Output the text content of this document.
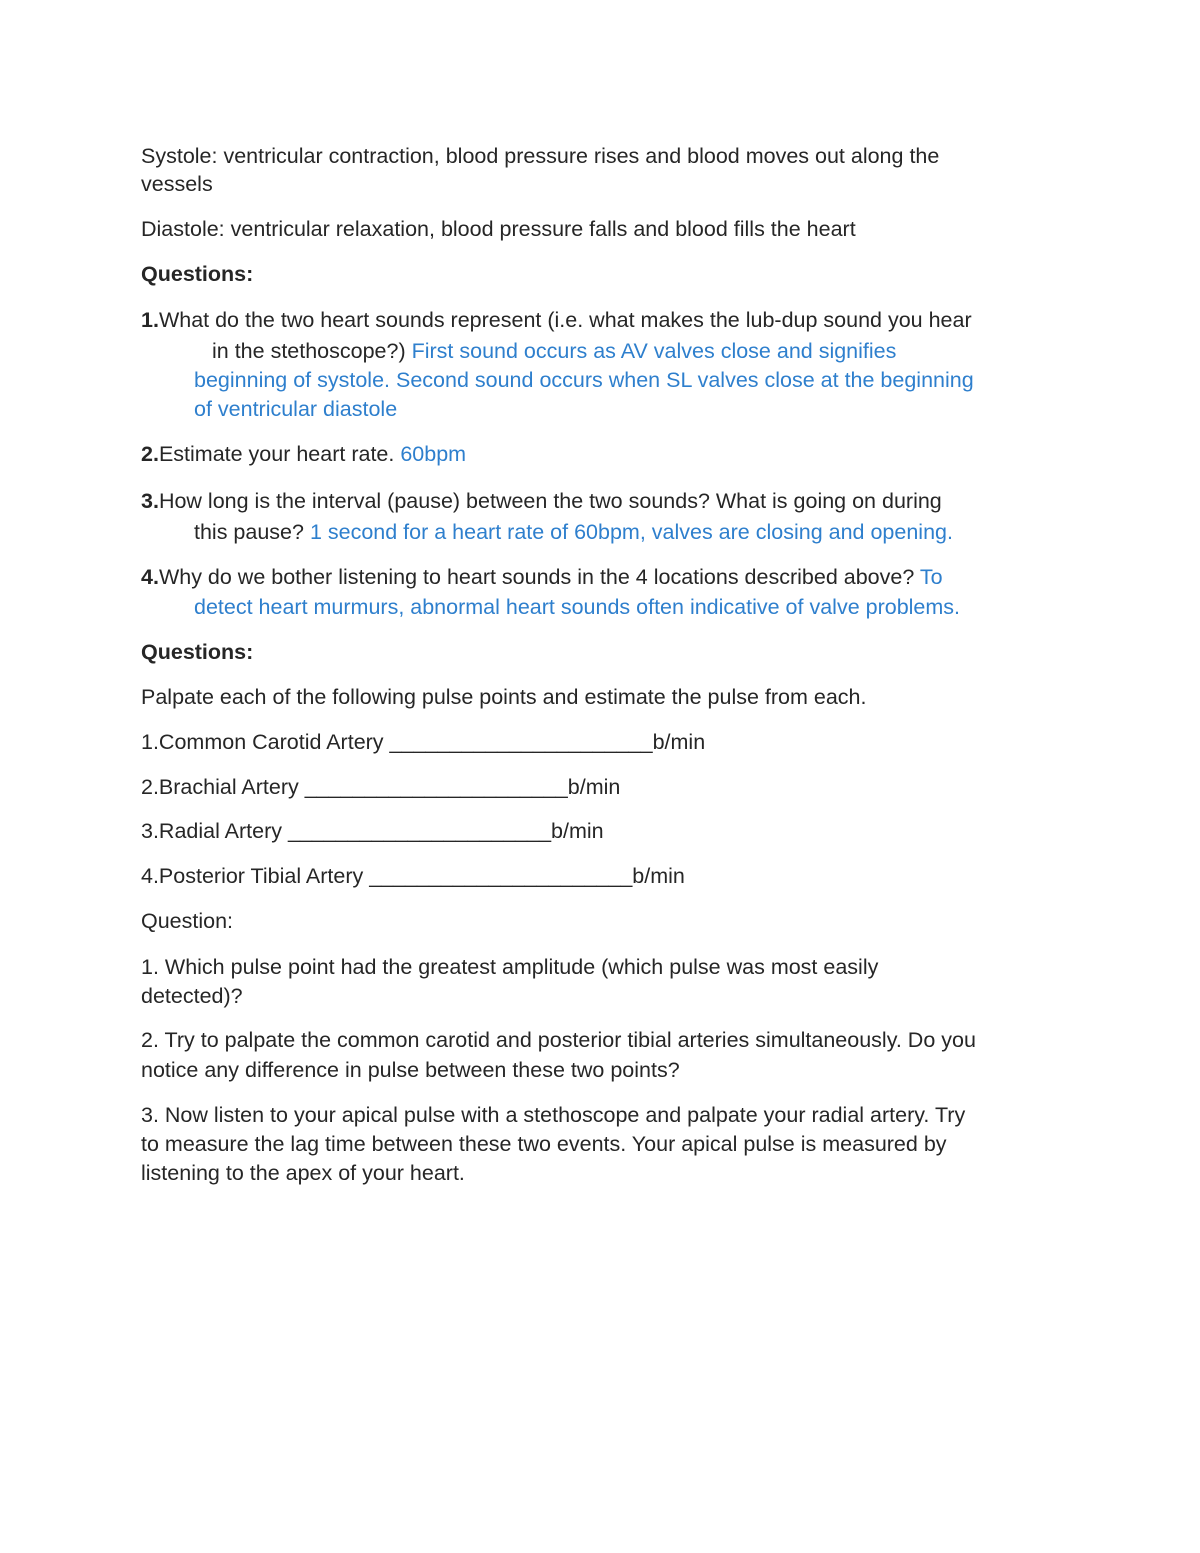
Systole: ventricular contraction, blood pressure rises and blood moves out along the
vessels
Diastole: ventricular relaxation, blood pressure falls and blood fills the heart
Questions:
1.What do the two heart sounds represent (i.e. what makes the lub-dup sound you hear
in the stethoscope?) First sound occurs as AV valves close and signifies
beginning of systole. Second sound occurs when SL valves close at the beginning
of ventricular diastole
2.Estimate your heart rate. 60bpm
3.How long is the interval (pause) between the two sounds? What is going on during
this pause? 1 second for a heart rate of 60bpm, valves are closing and opening.
4.Why do we bother listening to heart sounds in the 4 locations described above? To
detect heart murmurs, abnormal heart sounds often indicative of valve problems.
Questions:
Palpate each of the following pulse points and estimate the pulse from each.
1.Common Carotid Artery ______________________b/min
2.Brachial Artery ______________________b/min
3.Radial Artery ______________________b/min
4.Posterior Tibial Artery ______________________b/min
Question:
1. Which pulse point had the greatest amplitude (which pulse was most easily
detected)?
2. Try to palpate the common carotid and posterior tibial arteries simultaneously. Do you
notice any difference in pulse between these two points?
3. Now listen to your apical pulse with a stethoscope and palpate your radial artery. Try
to measure the lag time between these two events. Your apical pulse is measured by
listening to the apex of your heart.
